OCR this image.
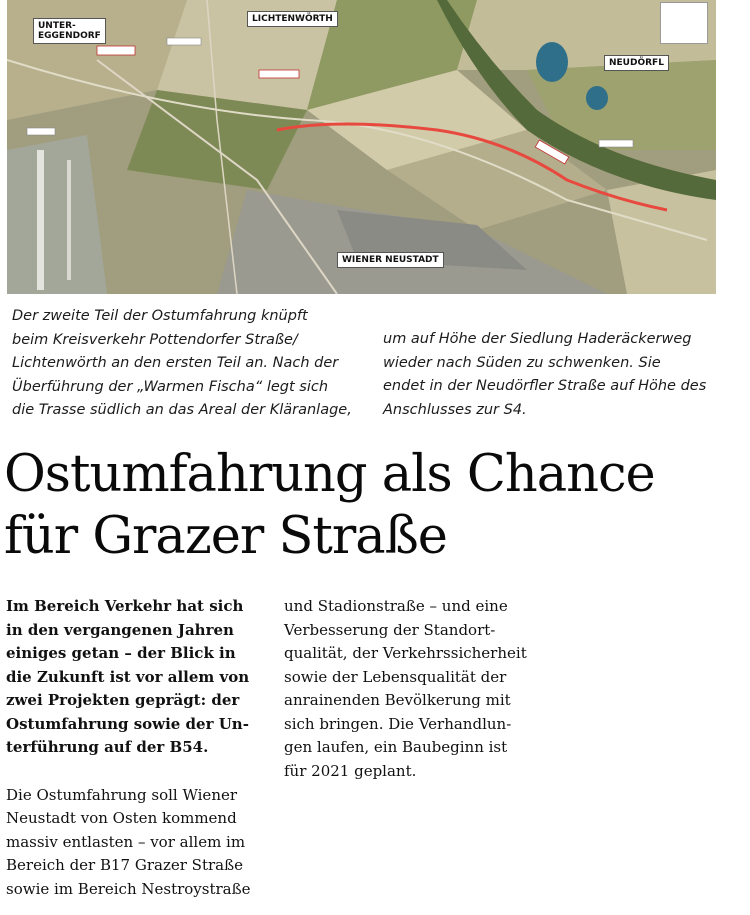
UNTER-
EGGENDORF
LICHTENWÖRTH
NEUDÖRFL
WIENER NEUSTADT
Der zweite Teil der Ostumfahrung knüpft
beim Kreisverkehr Pottendorfer Straße/
Lichtenwörth an den ersten Teil an. Nach der
Überführung der „Warmen Fischa“ legt sich
die Trasse südlich an das Areal der Kläranlage,
um auf Höhe der Siedlung Haderäckerweg
wieder nach Süden zu schwenken. Sie
endet in der Neudörfler Straße auf Höhe des
Anschlusses zur S4.
Ostumfahrung als Chance
für Grazer Straße
Im Bereich Verkehr hat sich
in den vergangenen Jahren
einiges getan – der Blick in
die Zukunft ist vor allem von
zwei Projekten geprägt: der
Ostumfahrung sowie der Un-
terführung auf der B54.
Die Ostumfahrung soll Wiener
Neustadt von Osten kommend
massiv entlasten – vor allem im
Bereich der B17 Grazer Straße
sowie im Bereich Nestroystraße
und Stadionstraße – und eine
Verbesserung der Standort-
qualität, der Verkehrssicherheit
sowie der Lebensqualität der
anrainenden Bevölkerung mit
sich bringen. Die Verhandlun-
gen laufen, ein Baubeginn ist
für 2021 geplant.
